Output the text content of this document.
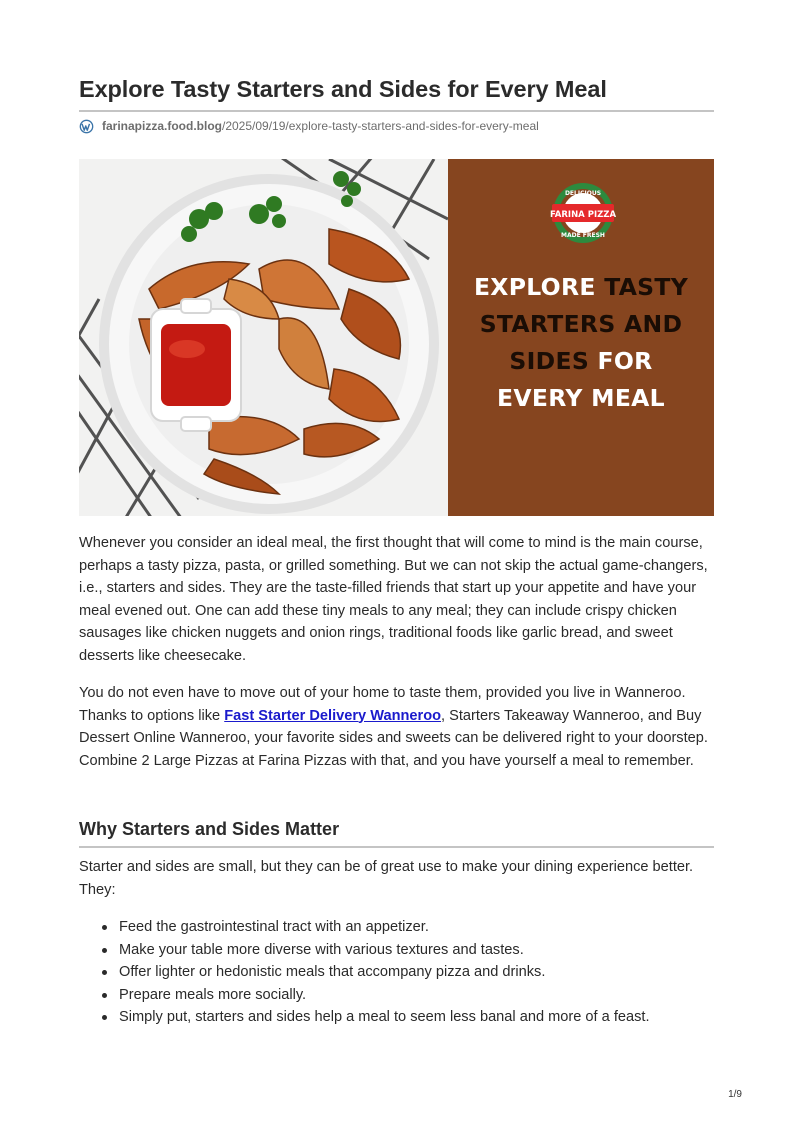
Explore Tasty Starters and Sides for Every Meal
farinapizza.food.blog /2025/09/19/explore-tasty-starters-and-sides-for-every-meal
FARINA PIZZA
DELICIOUS
MADE FRESH
EXPLORE TASTY
STARTERS AND
SIDES FOR
EVERY MEAL

Whenever you consider an ideal meal, the first thought that will come to mind is the main course, perhaps a tasty pizza, pasta, or grilled something. But we can not skip the actual game-changers, i.e., starters and sides. They are the taste-filled friends that start up your appetite and have your meal evened out. One can add these tiny meals to any meal; they can include crispy chicken sausages like chicken nuggets and onion rings, traditional foods like garlic bread, and sweet desserts like cheesecake.

You do not even have to move out of your home to taste them, provided you live in Wanneroo. Thanks to options like Fast Starter Delivery Wanneroo, Starters Takeaway Wanneroo, and Buy Dessert Online Wanneroo, your favorite sides and sweets can be delivered right to your doorstep. Combine 2 Large Pizzas at Farina Pizzas with that, and you have yourself a meal to remember.

Why Starters and Sides Matter

Starter and sides are small, but they can be of great use to make your dining experience better. They:

Feed the gastrointestinal tract with an appetizer.
Make your table more diverse with various textures and tastes.
Offer lighter or hedonistic meals that accompany pizza and drinks.
Prepare meals more socially.
Simply put, starters and sides help a meal to seem less banal and more of a feast.
1/9
